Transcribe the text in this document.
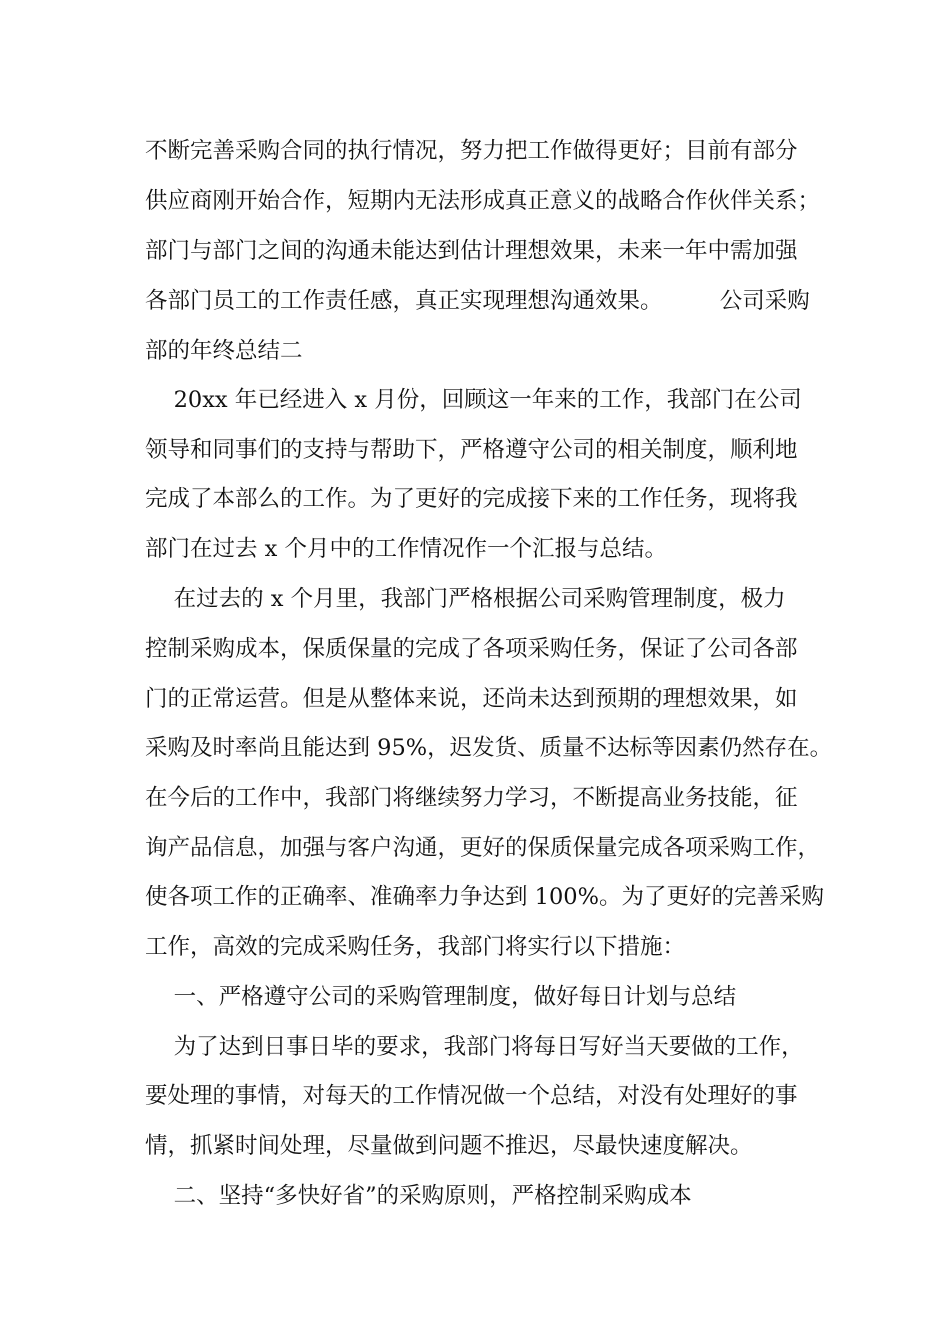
不断完善采购合同的执行情况，努力把工作做得更好；目前有部分

供应商刚开始合作，短期内无法形成真正意义的战略合作伙伴关系；

部门与部门之间的沟通未能达到估计理想效果，未来一年中需加强

各部门员工的工作责任感，真正实现理想沟通效果。        公司采购

部的年终总结二

20xx 年已经进入 x 月份，回顾这一年来的工作，我部门在公司

领导和同事们的支持与帮助下，严格遵守公司的相关制度，顺利地

完成了本部么的工作。为了更好的完成接下来的工作任务，现将我

部门在过去 x 个月中的工作情况作一个汇报与总结。

在过去的 x 个月里，我部门严格根据公司采购管理制度，极力

控制采购成本，保质保量的完成了各项采购任务，保证了公司各部

门的正常运营。但是从整体来说，还尚未达到预期的理想效果，如

采购及时率尚且能达到 95%，迟发货、质量不达标等因素仍然存在。

在今后的工作中，我部门将继续努力学习，不断提高业务技能，征

询产品信息，加强与客户沟通，更好的保质保量完成各项采购工作，

使各项工作的正确率、准确率力争达到 100%。为了更好的完善采购

工作，高效的完成采购任务，我部门将实行以下措施：

一、严格遵守公司的采购管理制度，做好每日计划与总结

为了达到日事日毕的要求，我部门将每日写好当天要做的工作，

要处理的事情，对每天的工作情况做一个总结，对没有处理好的事

情，抓紧时间处理，尽量做到问题不推迟，尽最快速度解决。

二、坚持“多快好省”的采购原则，严格控制采购成本
